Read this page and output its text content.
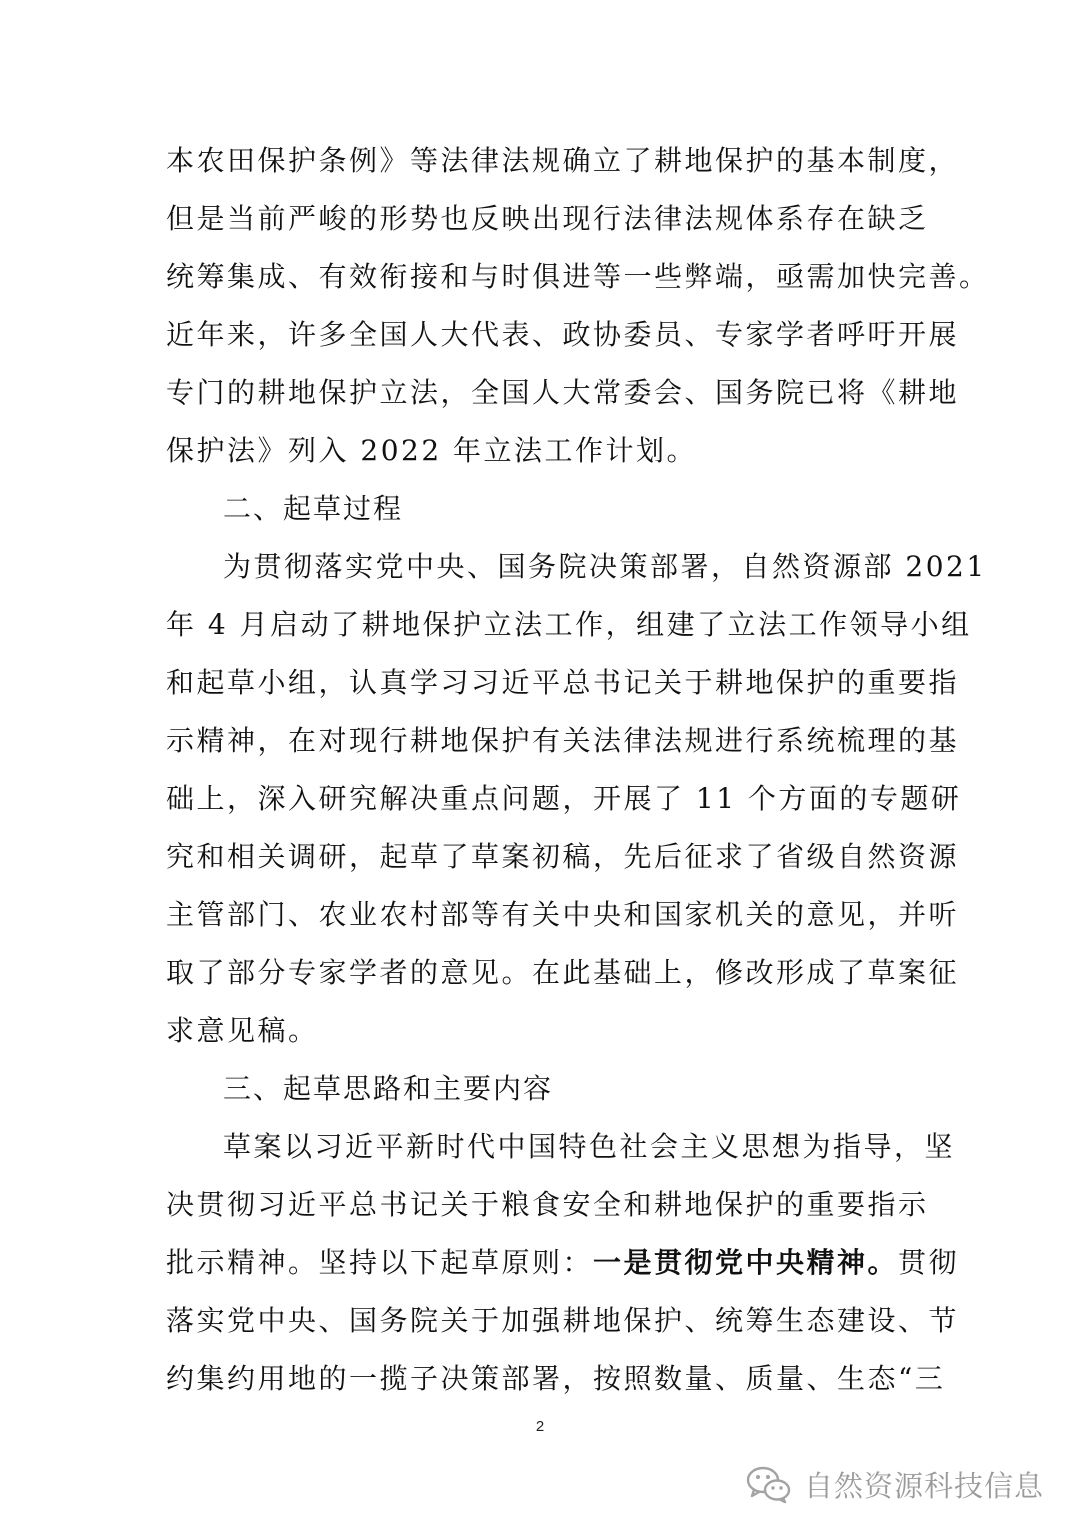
本农田保护条例》等法律法规确立了耕地保护的基本制度，
但是当前严峻的形势也反映出现行法律法规体系存在缺乏
统筹集成、有效衔接和与时俱进等一些弊端，亟需加快完善。
近年来，许多全国人大代表、政协委员、专家学者呼吁开展
专门的耕地保护立法，全国人大常委会、国务院已将《耕地
保护法》列入 2022 年立法工作计划。
二、起草过程
为贯彻落实党中央、国务院决策部署，自然资源部 2021
年 4 月启动了耕地保护立法工作，组建了立法工作领导小组
和起草小组，认真学习习近平总书记关于耕地保护的重要指
示精神，在对现行耕地保护有关法律法规进行系统梳理的基
础上，深入研究解决重点问题，开展了 11 个方面的专题研
究和相关调研，起草了草案初稿，先后征求了省级自然资源
主管部门、农业农村部等有关中央和国家机关的意见，并听
取了部分专家学者的意见。在此基础上，修改形成了草案征
求意见稿。
三、起草思路和主要内容
草案以习近平新时代中国特色社会主义思想为指导，坚
决贯彻习近平总书记关于粮食安全和耕地保护的重要指示
批示精神。坚持以下起草原则：一是贯彻党中央精神。贯彻
落实党中央、国务院关于加强耕地保护、统筹生态建设、节
约集约用地的一揽子决策部署，按照数量、质量、生态“三
2
自然资源科技信息
